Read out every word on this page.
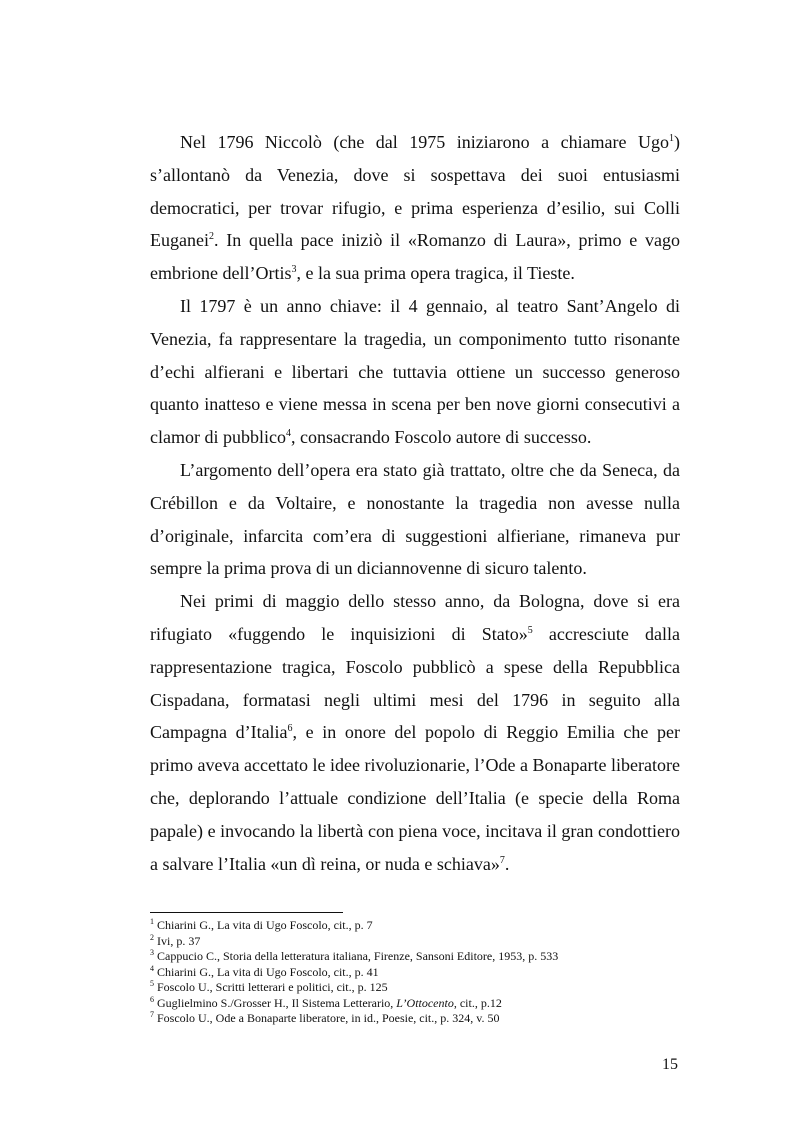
Nel 1796 Niccolò (che dal 1975 iniziarono a chiamare Ugo$^1$) s’allontanò da Venezia, dove si sospettava dei suoi entusiasmi democratici, per trovar rifugio, e prima esperienza d’esilio, sui Colli Euganei$^2$. In quella pace iniziò il «Romanzo di Laura», primo e vago embrione dell’Ortis$^3$, e la sua prima opera tragica, il Tieste.

Il 1797 è un anno chiave: il 4 gennaio, al teatro Sant’Angelo di Venezia, fa rappresentare la tragedia, un componimento tutto risonante d’echi alfierani e libertari che tuttavia ottiene un successo generoso quanto inatteso e viene messa in scena per ben nove giorni consecutivi a clamor di pubblico$^4$, consacrando Foscolo autore di successo.

L’argomento dell’opera era stato già trattato, oltre che da Seneca, da Crébillon e da Voltaire, e nonostante la tragedia non avesse nulla d’originale, infarcita com’era di suggestioni alfieriane, rimaneva pur sempre la prima prova di un diciannovenne di sicuro talento.

Nei primi di maggio dello stesso anno, da Bologna, dove si era rifugiato «fuggendo le inquisizioni di Stato»$^5$ accresciute dalla rappresentazione tragica, Foscolo pubblicò a spese della Repubblica Cispadana, formatasi negli ultimi mesi del 1796 in seguito alla Campagna d’Italia$^6$, e in onore del popolo di Reggio Emilia che per primo aveva accettato le idee rivoluzionarie, l’Ode a Bonaparte liberatore che, deplorando l’attuale condizione dell’Italia (e specie della Roma papale) e invocando la libertà con piena voce, incitava il gran condottiero a salvare l’Italia «un dì reina, or nuda e schiava»$^7$.

$^1$ Chiarini G., La vita di Ugo Foscolo, cit., p. 7
$^2$ Ivi, p. 37
$^3$ Cappucio C., Storia della letteratura italiana, Firenze, Sansoni Editore, 1953, p. 533
$^4$ Chiarini G., La vita di Ugo Foscolo, cit., p. 41
$^5$ Foscolo U., Scritti letterari e politici, cit., p. 125
$^6$ Guglielmino S./Grosser H., Il Sistema Letterario, L’Ottocento, cit., p.12
$^7$ Foscolo U., Ode a Bonaparte liberatore, in id., Poesie, cit., p. 324, v. 50
15
